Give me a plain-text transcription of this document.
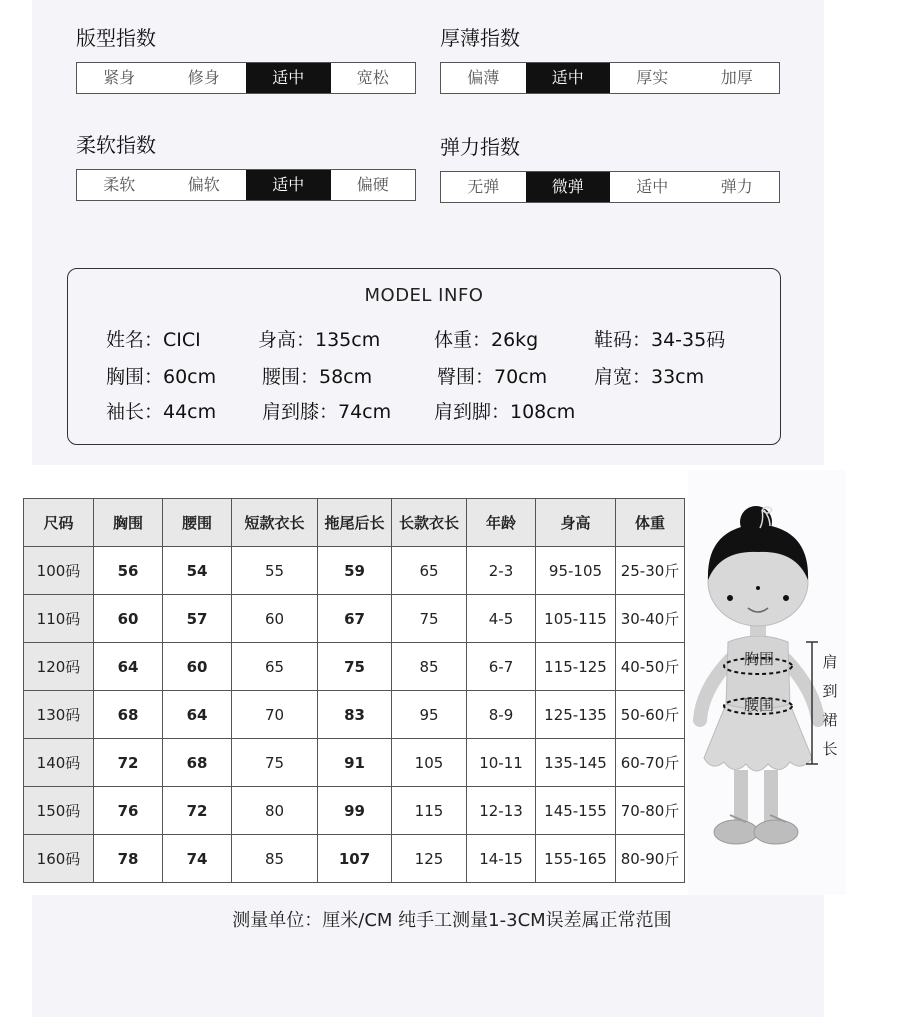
版型指数
紧身	修身	适中	宽松
厚薄指数
偏薄	适中	厚实	加厚
柔软指数
柔软	偏软	适中	偏硬
弹力指数
无弹	微弹	适中	弹力
MODEL INFO
姓名：CICI	身高：135cm	体重：26kg	鞋码：34-35码
胸围：60cm 腰围：58cm	臀围：70cm 肩宽：33cm
袖长：44cm 肩到膝：74cm 肩到脚：108cm
尺码	胸围	腰围	短款衣长	拖尾后长	长款衣长	年龄	身高	体重
100码	56	54	55	59	65	2-3	95-105	25-30斤
110码	60	57	60	67	75	4-5	105-115	30-40斤
120码	64	60	65	75	85	6-7	115-125	40-50斤
130码	68	64	70	83	95	8-9	125-135	50-60斤
140码	72	68	75	91	105	10-11	135-145	60-70斤
150码	76	72	80	99	115	12-13	145-155	70-80斤
160码	78	74	85	107	125	14-15	155-165	80-90斤
胸围
腰围
肩
到
裙
长
测量单位：厘米/CM 纯手工测量1-3CM误差属正常范围
